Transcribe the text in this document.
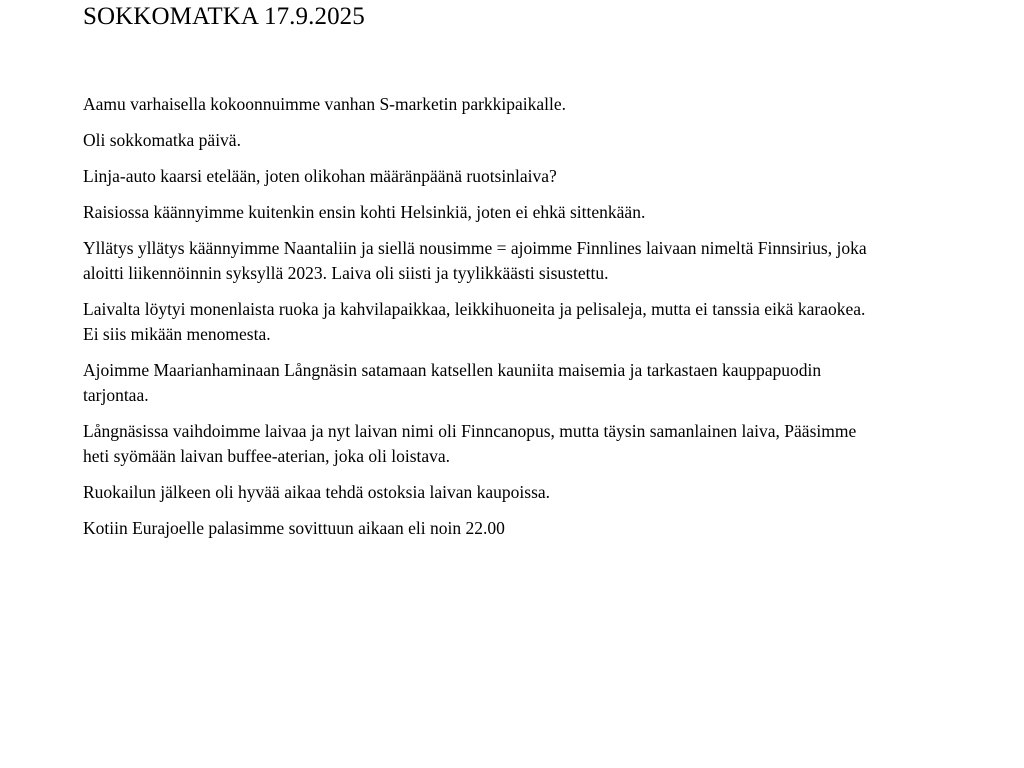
SOKKOMATKA 17.9.2025

Aamu varhaisella kokoonnuimme vanhan S-marketin parkkipaikalle.

Oli sokkomatka päivä.

Linja-auto kaarsi etelään, joten olikohan määränpäänä ruotsinlaiva?

Raisiossa käännyimme kuitenkin ensin kohti Helsinkiä, joten ei ehkä sittenkään.

Yllätys yllätys käännyimme Naantaliin ja siellä nousimme = ajoimme Finnlines laivaan nimeltä Finnsirius, joka aloitti liikennöinnin syksyllä 2023. Laiva oli siisti ja tyylikkäästi sisustettu.

Laivalta löytyi monenlaista ruoka ja kahvilapaikkaa, leikkihuoneita ja pelisaleja, mutta ei tanssia eikä karaokea. Ei siis mikään menomesta.

Ajoimme Maarianhaminaan Långnäsin satamaan katsellen kauniita maisemia ja tarkastaen kauppapuodin tarjontaa.

Långnäsissa vaihdoimme laivaa ja nyt laivan nimi oli Finncanopus, mutta täysin samanlainen laiva, Pääsimme heti syömään laivan buffee-aterian, joka oli loistava.

Ruokailun jälkeen oli hyvää aikaa tehdä ostoksia laivan kaupoissa.

Kotiin Eurajoelle palasimme sovittuun aikaan eli noin 22.00
